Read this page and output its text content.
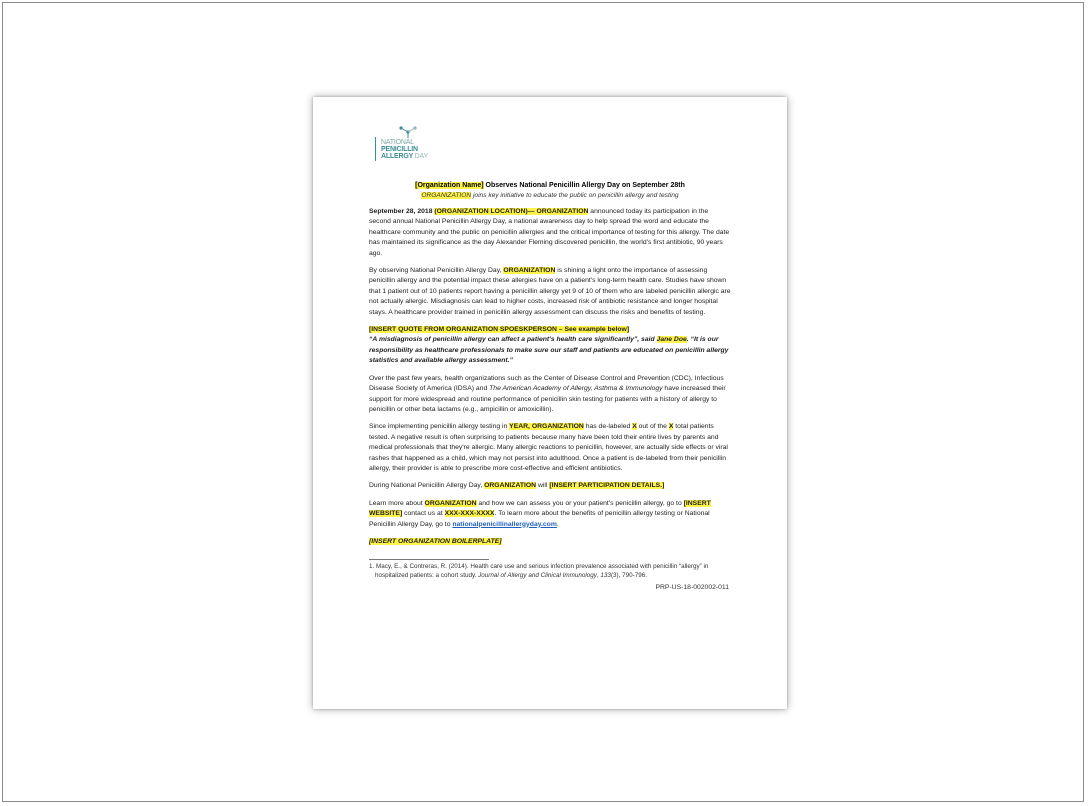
NATIONAL
PENICILLIN
ALLERGY DAY
[Organization Name] Observes National Penicillin Allergy Day on September 28th
ORGANIZATION joins key initiative to educate the public on penicillin allergy and testing
September 28, 2018 (ORGANIZATION LOCATION)— ORGANIZATION announced today its participation in the second annual National Penicillin Allergy Day, a national awareness day to help spread the word and educate the healthcare community and the public on penicillin allergies and the critical importance of testing for this allergy. The date has maintained its significance as the day Alexander Fleming discovered penicillin, the world's first antibiotic, 90 years ago.
By observing National Penicillin Allergy Day, ORGANIZATION is shining a light onto the importance of assessing penicillin allergy and the potential impact these allergies have on a patient's long-term health care. Studies have shown that 1 patient out of 10 patients report having a penicillin allergy yet 9 of 10 of them who are labeled penicillin allergic are not actually allergic. Misdiagnosis can lead to higher costs, increased risk of antibiotic resistance and longer hospital stays. A healthcare provider trained in penicillin allergy assessment can discuss the risks and benefits of testing.
[INSERT QUOTE FROM ORGANIZATION SPOESKPERSON – See example below]
“A misdiagnosis of penicillin allergy can affect a patient's health care significantly”, said Jane Doe. “It is our responsibility as healthcare professionals to make sure our staff and patients are educated on penicillin allergy statistics and available allergy assessment.”
Over the past few years, health organizations such as the Center of Disease Control and Prevention (CDC), Infectious Disease Society of America (IDSA) and The American Academy of Allergy, Asthma & Immunology have increased their support for more widespread and routine performance of penicillin skin testing for patients with a history of allergy to penicillin or other beta lactams (e.g., ampicillin or amoxicillin).
Since implementing penicillin allergy testing in YEAR, ORGANIZATION has de-labeled X out of the X total patients tested. A negative result is often surprising to patients because many have been told their entire lives by parents and medical professionals that they're allergic. Many allergic reactions to penicillin, however, are actually side effects or viral rashes that happened as a child, which may not persist into adulthood. Once a patient is de-labeled from their penicillin allergy, their provider is able to prescribe more cost-effective and efficient antibiotics.
During National Penicillin Allergy Day, ORGANIZATION will [INSERT PARTICIPATION DETAILS.]
Learn more about ORGANIZATION and how we can assess you or your patient's penicillin allergy, go to [INSERT WEBSITE] contact us at XXX-XXX-XXXX. To learn more about the benefits of penicillin allergy testing or National Penicillin Allergy Day, go to nationalpenicillinallergyday.com.
[INSERT ORGANIZATION BOILERPLATE]
1. Macy, E., & Contreras, R. (2014). Health care use and serious infection prevalence associated with penicillin “allergy” in hospitalized patients: a cohort study. Journal of Allergy and Clinical Immunology, 133(3), 790-796.
PRP-US-18-002002-011
